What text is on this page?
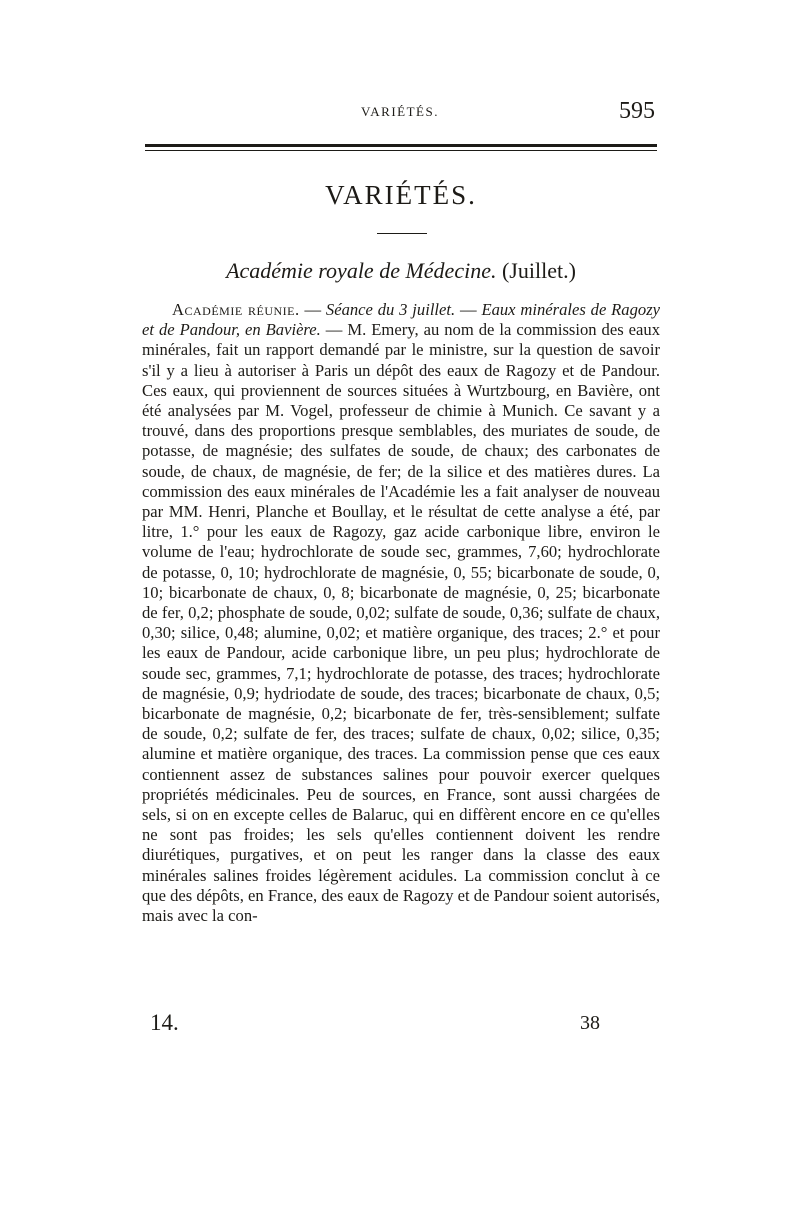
VARIÉTÉS.	595
VARIÉTÉS.
Académie royale de Médecine. (Juillet.)

Académie réunie. — Séance du 3 juillet. — Eaux minérales de Ragozy et de Pandour, en Bavière. — M. Emery, au nom de la commission des eaux minérales, fait un rapport demandé par le ministre, sur la question de savoir s'il y a lieu à autoriser à Paris un dépôt des eaux de Ragozy et de Pandour. Ces eaux, qui proviennent de sources situées à Wurtzbourg, en Bavière, ont été analysées par M. Vogel, professeur de chimie à Munich. Ce savant y a trouvé, dans des proportions presque semblables, des muriates de soude, de potasse, de magnésie; des sulfates de soude, de chaux; des carbonates de soude, de chaux, de magnésie, de fer; de la silice et des matières dures. La commission des eaux minérales de l'Académie les a fait analyser de nouveau par MM. Henri, Planche et Boullay, et le résultat de cette analyse a été, par litre, 1.° pour les eaux de Ragozy, gaz acide carbonique libre, environ le volume de l'eau; hydrochlorate de soude sec, grammes, 7,60; hydrochlorate de potasse, 0, 10; hydrochlorate de magnésie, 0, 55; bicarbonate de soude, 0, 10; bicarbonate de chaux, 0, 8; bicarbonate de magnésie, 0, 25; bicarbonate de fer, 0,2; phosphate de soude, 0,02; sulfate de soude, 0,36; sulfate de chaux, 0,30; silice, 0,48; alumine, 0,02; et matière organique, des traces; 2.° et pour les eaux de Pandour, acide carbonique libre, un peu plus; hydrochlorate de soude sec, grammes, 7,1; hydrochlorate de potasse, des traces; hydrochlorate de magnésie, 0,9; hydriodate de soude, des traces; bicarbonate de chaux, 0,5; bicarbonate de magnésie, 0,2; bicarbonate de fer, très-sensiblement; sulfate de soude, 0,2; sulfate de fer, des traces; sulfate de chaux, 0,02; silice, 0,35; alumine et matière organique, des traces. La commission pense que ces eaux contiennent assez de substances salines pour pouvoir exercer quelques propriétés médicinales. Peu de sources, en France, sont aussi chargées de sels, si on en excepte celles de Balaruc, qui en diffèrent encore en ce qu'elles ne sont pas froides; les sels qu'elles contiennent doivent les rendre diurétiques, purgatives, et on peut les ranger dans la classe des eaux minérales salines froides légèrement acidules. La commission conclut à ce que des dépôts, en France, des eaux de Ragozy et de Pandour soient autorisés, mais avec la con-

14.	38
